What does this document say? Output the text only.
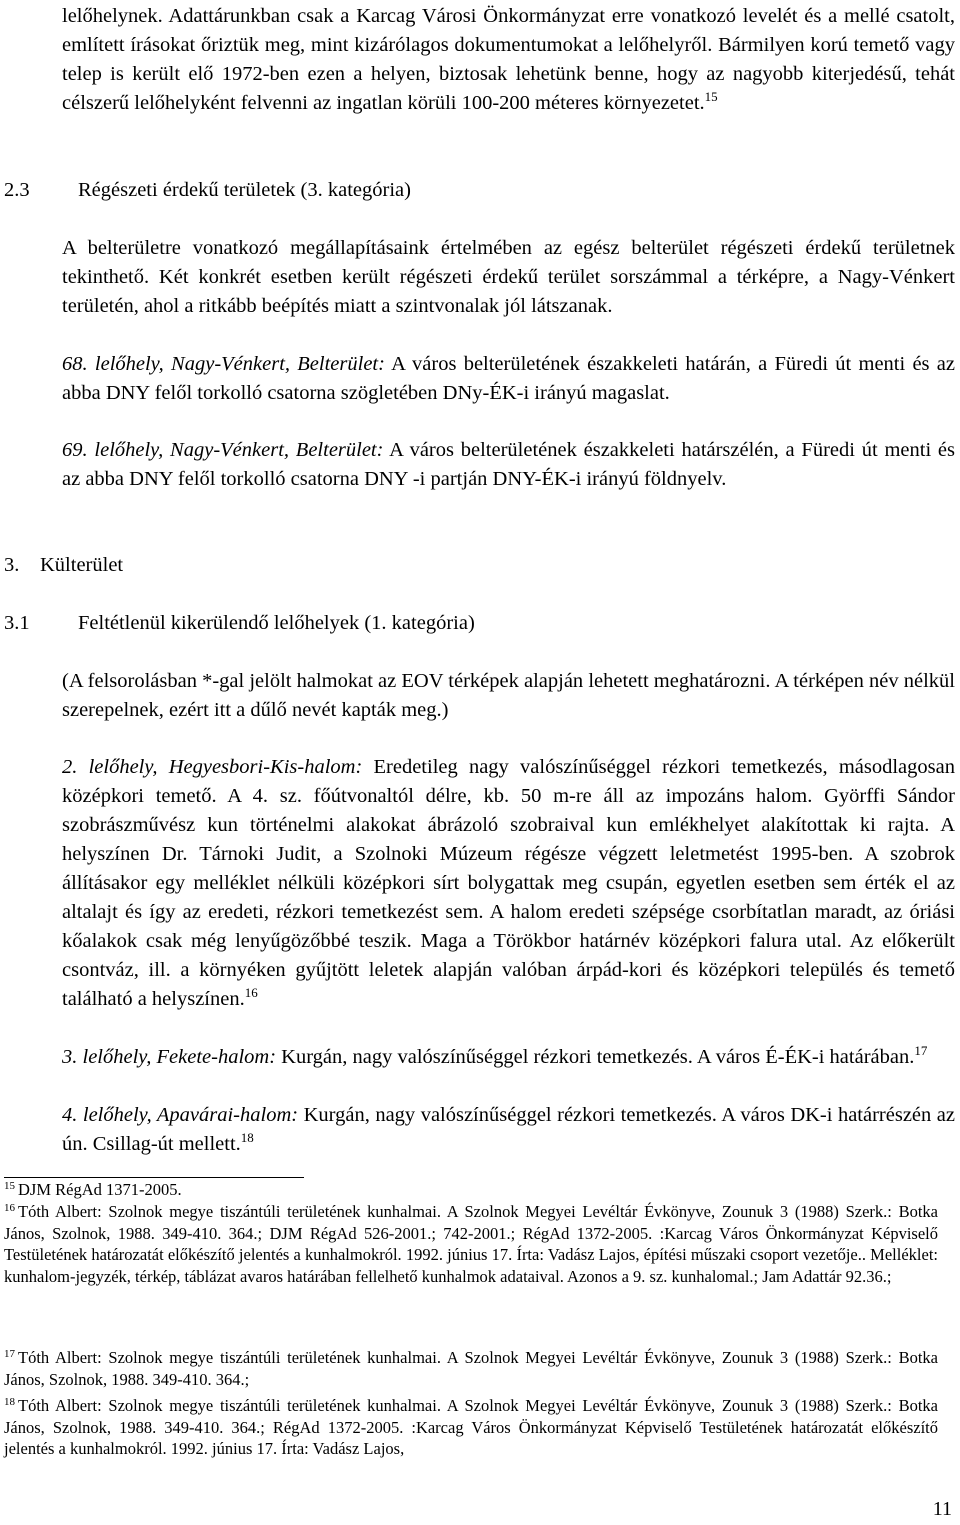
lelőhelynek. Adattárunkban csak a Karcag Városi Önkormányzat erre vonatkozó levelét és a mellé csatolt, említett írásokat őriztük meg, mint kizárólagos dokumentumokat a lelőhelyről. Bármilyen korú temető vagy telep is került elő 1972-ben ezen a helyen, biztosak lehetünk benne, hogy az nagyobb kiterjedésű, tehát célszerű lelőhelyként felvenni az ingatlan körüli 100-200 méteres környezetet.$^{15}$

2.3 Régészeti érdekű területek (3. kategória)

A belterületre vonatkozó megállapításaink értelmében az egész belterület régészeti érdekű területnek tekinthető. Két konkrét esetben került régészeti érdekű terület sorszámmal a térképre, a Nagy-Vénkert területén, ahol a ritkább beépítés miatt a szintvonalak jól látszanak.

68. lelőhely, Nagy-Vénkert, Belterület: A város belterületének északkeleti határán, a Füredi út menti és az abba DNY felől torkolló csatorna szögletében DNy-ÉK-i irányú magaslat.

69. lelőhely, Nagy-Vénkert, Belterület: A város belterületének északkeleti határszélén, a Füredi út menti és az abba DNY felől torkolló csatorna DNY -i partján DNY-ÉK-i irányú földnyelv.

3. Külterület
3.1 Feltétlenül kikerülendő lelőhelyek (1. kategória)

(A felsorolásban *-gal jelölt halmokat az EOV térképek alapján lehetett meghatározni. A térképen név nélkül szerepelnek, ezért itt a dűlő nevét kapták meg.)

2. lelőhely, Hegyesbori-Kis-halom: Eredetileg nagy valószínűséggel rézkori temetkezés, másodlagosan középkori temető. A 4. sz. főútvonaltól délre, kb. 50 m-re áll az impozáns halom. Györffi Sándor szobrászművész kun történelmi alakokat ábrázoló szobraival kun emlékhelyet alakítottak ki rajta. A helyszínen Dr. Tárnoki Judit, a Szolnoki Múzeum régésze végzett leletmetést 1995-ben. A szobrok állításakor egy melléklet nélküli középkori sírt bolygattak meg csupán, egyetlen esetben sem érték el az altalajt és így az eredeti, rézkori temetkezést sem. A halom eredeti szépsége csorbítatlan maradt, az óriási kőalakok csak még lenyűgözőbbé teszik. Maga a Törökbor határnév középkori falura utal. Az előkerült csontváz, ill. a környéken gyűjtött leletek alapján valóban árpád-kori és középkori település és temető található a helyszínen.$^{16}$

3. lelőhely, Fekete-halom: Kurgán, nagy valószínűséggel rézkori temetkezés. A város É-ÉK-i határában.$^{17}$

4. lelőhely, Apavárai-halom: Kurgán, nagy valószínűséggel rézkori temetkezés. A város DK-i határrészén az ún. Csillag-út mellett.$^{18}$

$^{15}$ DJM RégAd 1371-2005.

$^{16}$ Tóth Albert: Szolnok megye tiszántúli területének kunhalmai. A Szolnok Megyei Levéltár Évkönyve, Zounuk 3 (1988) Szerk.: Botka János, Szolnok, 1988. 349-410. 364.; DJM RégAd 526-2001.; 742-2001.; RégAd 1372-2005. :Karcag Város Önkormányzat Képviselő Testületének határozatát előkészítő jelentés a kunhalmokról. 1992. június 17. Írta: Vadász Lajos, építési műszaki csoport vezetője.. Melléklet: kunhalom-jegyzék, térkép, táblázat avaros határában fellelhető kunhalmok adataival. Azonos a 9. sz. kunhalomal.; Jam Adattár 92.36.;

$^{17}$ Tóth Albert: Szolnok megye tiszántúli területének kunhalmai. A Szolnok Megyei Levéltár Évkönyve, Zounuk 3 (1988) Szerk.: Botka János, Szolnok, 1988. 349-410. 364.;

$^{18}$ Tóth Albert: Szolnok megye tiszántúli területének kunhalmai. A Szolnok Megyei Levéltár Évkönyve, Zounuk 3 (1988) Szerk.: Botka János, Szolnok, 1988. 349-410. 364.; RégAd 1372-2005. :Karcag Város Önkormányzat Képviselő Testületének határozatát előkészítő jelentés a kunhalmokról. 1992. június 17. Írta: Vadász Lajos,

11
